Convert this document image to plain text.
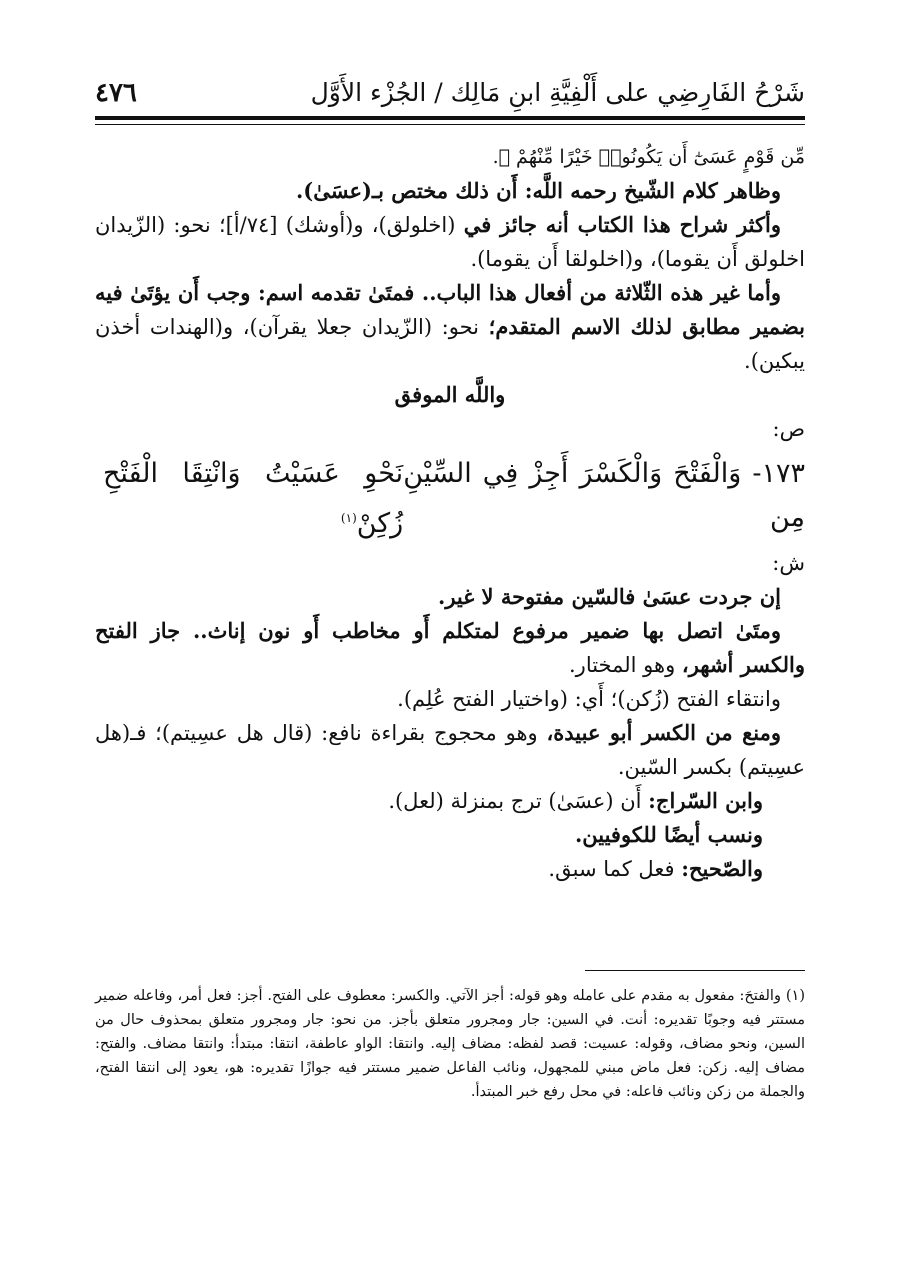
شَرْحُ الفَارِضِي على أَلْفِيَّةِ ابنِ مَالِك / الجُزْء الأَوَّل
٤٧٦

مِّن قَوْمٍ عَسَىٰٓ أَن يَكُونُوا۟ خَيْرًا مِّنْهُمْ ﴾.

وظاهر كلام الشّيخ رحمه اللَّه: أَن ذلك مختص بـ(عسَىٰ).

وأكثر شراح هذا الكتاب أنه جائز في (اخلولق)، و(أوشك) [٧٤/أ]؛ نحو: (الزّيدان اخلولق أَن يقوما)، و(اخلولقا أَن يقوما).

وأما غير هذه الثّلاثة من أفعال هذا الباب.. فمتَىٰ تقدمه اسم: وجب أَن يؤتَىٰ فيه بضمير مطابق لذلك الاسم المتقدم؛ نحو: (الزّيدان جعلا يقرآن)، و(الهندات أخذن يبكين).

واللَّه الموفق

ص:

١٧٣- وَالْفَتْحَ وَالْكَسْرَ أَجِزْ فِي السِّيْنِ مِن
نَحْوِ عَسَيْتُ وَانْتِقَا الْفَتْحِ زُكِنْ$^{(١)}$

ش:

إن جردت عسَىٰ فالسّين مفتوحة لا غير.

ومتَىٰ اتصل بها ضمير مرفوع لمتكلم أَو مخاطب أَو نون إناث.. جاز الفتح والكسر أشهر، وهو المختار.

وانتقاء الفتح (زُكن)؛ أَي: (واختيار الفتح عُلِم).

ومنع من الكسر أبو عبيدة، وهو محجوج بقراءة نافع: (قال هل عسِيتم)؛ فـ(هل عسِيتم) بكسر السّين.

وابن السّراج: أَن (عسَىٰ) ترج بمنزلة (لعل).

ونسب أيضًا للكوفيين.

والصّحيح: فعل كما سبق.

(١) والفتحَ: مفعول به مقدم على عامله وهو قوله: أجز الآتي. والكسر: معطوف على الفتح. أجز: فعل أمر، وفاعله ضمير مستتر فيه وجوبًا تقديره: أنت. في السين: جار ومجرور متعلق بأجز. من نحو: جار ومجرور متعلق بمحذوف حال من السين، ونحو مضاف، وقوله: عسيت: قصد لفظه: مضاف إليه. وانتقا: الواو عاطفة، انتقا: مبتدأ: وانتقا مضاف. والفتح: مضاف إليه. زكن: فعل ماض مبني للمجهول، ونائب الفاعل ضمير مستتر فيه جوازًا تقديره: هو، يعود إلى انتقا الفتح، والجملة من زكن ونائب فاعله: في محل رفع خبر المبتدأ.
